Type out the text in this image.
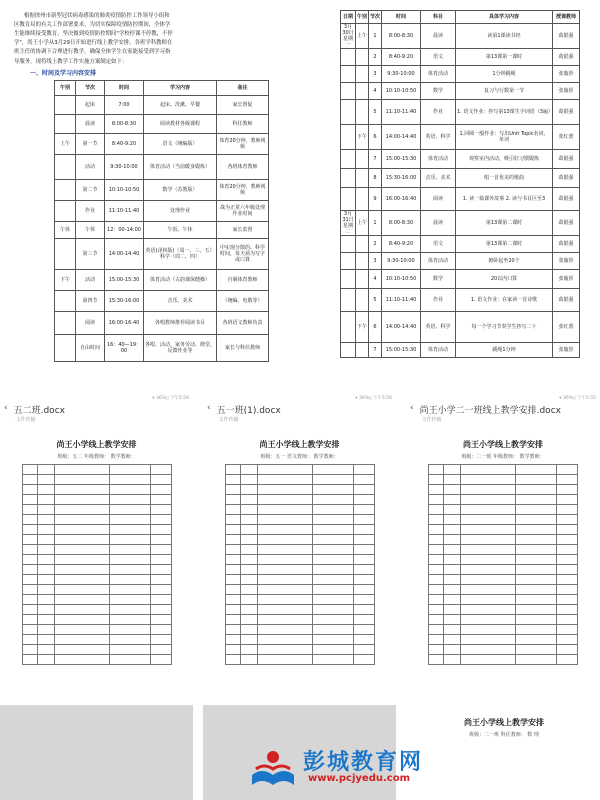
根据徐州市新型冠状病毒感染的肺炎疫情防控工作领导小组和

区教育局的有关工作部署要求，为切实保障疫情防控期间，全体学

生能继续接受教育，坚决做到疫情防控期间"学校停课不停教，不停

学"，尚王小学从3月29日开始进行线上教学安排。各班学科教师在

班主任的协调下合理进行教学，确保全体学生在家能接受到学习指

导服务。现将线上教学工作实施方案制定如下：

一、时间及学习内容安排
午别	节次	时间	学习内容	备注
	起床	7:00	起床、洗漱、早餐	家长督促
	晨读	8:00-8:30	阅读教材各级课程	科任教师
上午	第一节	8:40-9:20	语文（统编版）	体育20分钟，教师视频
	活动	9:30-10:00	体育活动（当前暖身锻炼）	各班体育教师
	第二节	10:10-10:50	数学（苏教版）	体育20分钟，教师视频
	作业	11:10-11:40	处理作业	战为正常六年级处理作业时间
午休	午休	12：00-14:00	午饭、午休	家长监督
	第三节	14:00-14:40	英语(译林版)（周一、三、五）科学（周二、四）	中实现分散的、科学时间，每天须为写字或口算
下午	活动	15:00-15:30	体育活动（古韵课保健操）	自制体育教师
	第四节	15:30-16:00	音乐、美术	（统编、电敬等）
	阅读	16:00-16:40	各唱教师推荐阅读书目	各班语文教师负责
	自由时间	16：40—19：00	各唱、活动、家务劳动、绕堂、反馈作业等	家长与科任教师
日期	午别	节次	时间	科目	具体学习内容	授课教师
3月30日星期一	上午	1	8:00-8:30	晨读	读第1课读书经	葛银强
		2	8:40-9:20	语文	第13课第一课时	葛银强
		3	9:30-10:00	体育活动	1分钟跳绳	张璇彤
		4	10:10-10:50	数学	复习与行数第一节	张璇彤
		5	11:10-11:40	作业	1. 语文作业：抄写第13课生字词语（3遍）	葛银强
	下午	6	14:00-14:40	英语、科学	1.回顾一般作业：写出Unit Topic名词、单词	张红蕾
		7	15:00-15:30	体育活动	观察室内活动，吸引好习惯锻炼	葛银强
		8	15:30-16:00	音乐、美术	唱一首优美的歌曲	葛银强
		9	16:00-16:40	阅读	1. 读一篇课外故事 2. 读与书目区至3	葛银强
3月31日星期二	上午	1	8:00-8:30	晨读	第13课第二课时	葛银强
		2	8:40-9:20	语文	第13课第二课时	葛银强
		3	9:30-10:00	体育活动	俯卧起坐20个	张璇彤
		4	10:10-10:50	数学	20以内口算	张璇彤
		5	11:10-11:40	作业	1. 语文作业：在家读一首诗歌	葛银强
	下午	6	14:00-14:40	英语、科学	每一个学习节奏学生抄写二十	张红蕾
		7	15:00-15:30	体育活动	跳绳1分钟	张璇彤
▾ 36%▯ 下午5:56
‹ 五二班.docx
文件传输
尚王小学线上教学安排
班级：五二 年级教师： 数学教师：

▾ 36%▯ 下午5:56
‹ 五一班(1).docx
文件传输
尚王小学线上教学安排
班级：五一 语文教师： 数学教师：

▾ 36%▯ 下午5:55
‹ 尚王小学二一班线上教学安排.docx
文件传输
尚王小学线上教学安排
班级：二一班 年级教师： 数学教师：

尚王小学线上教学安排
班级：二一班 科任教师： 数 理
彭城教育网
www.pcjyedu.com
